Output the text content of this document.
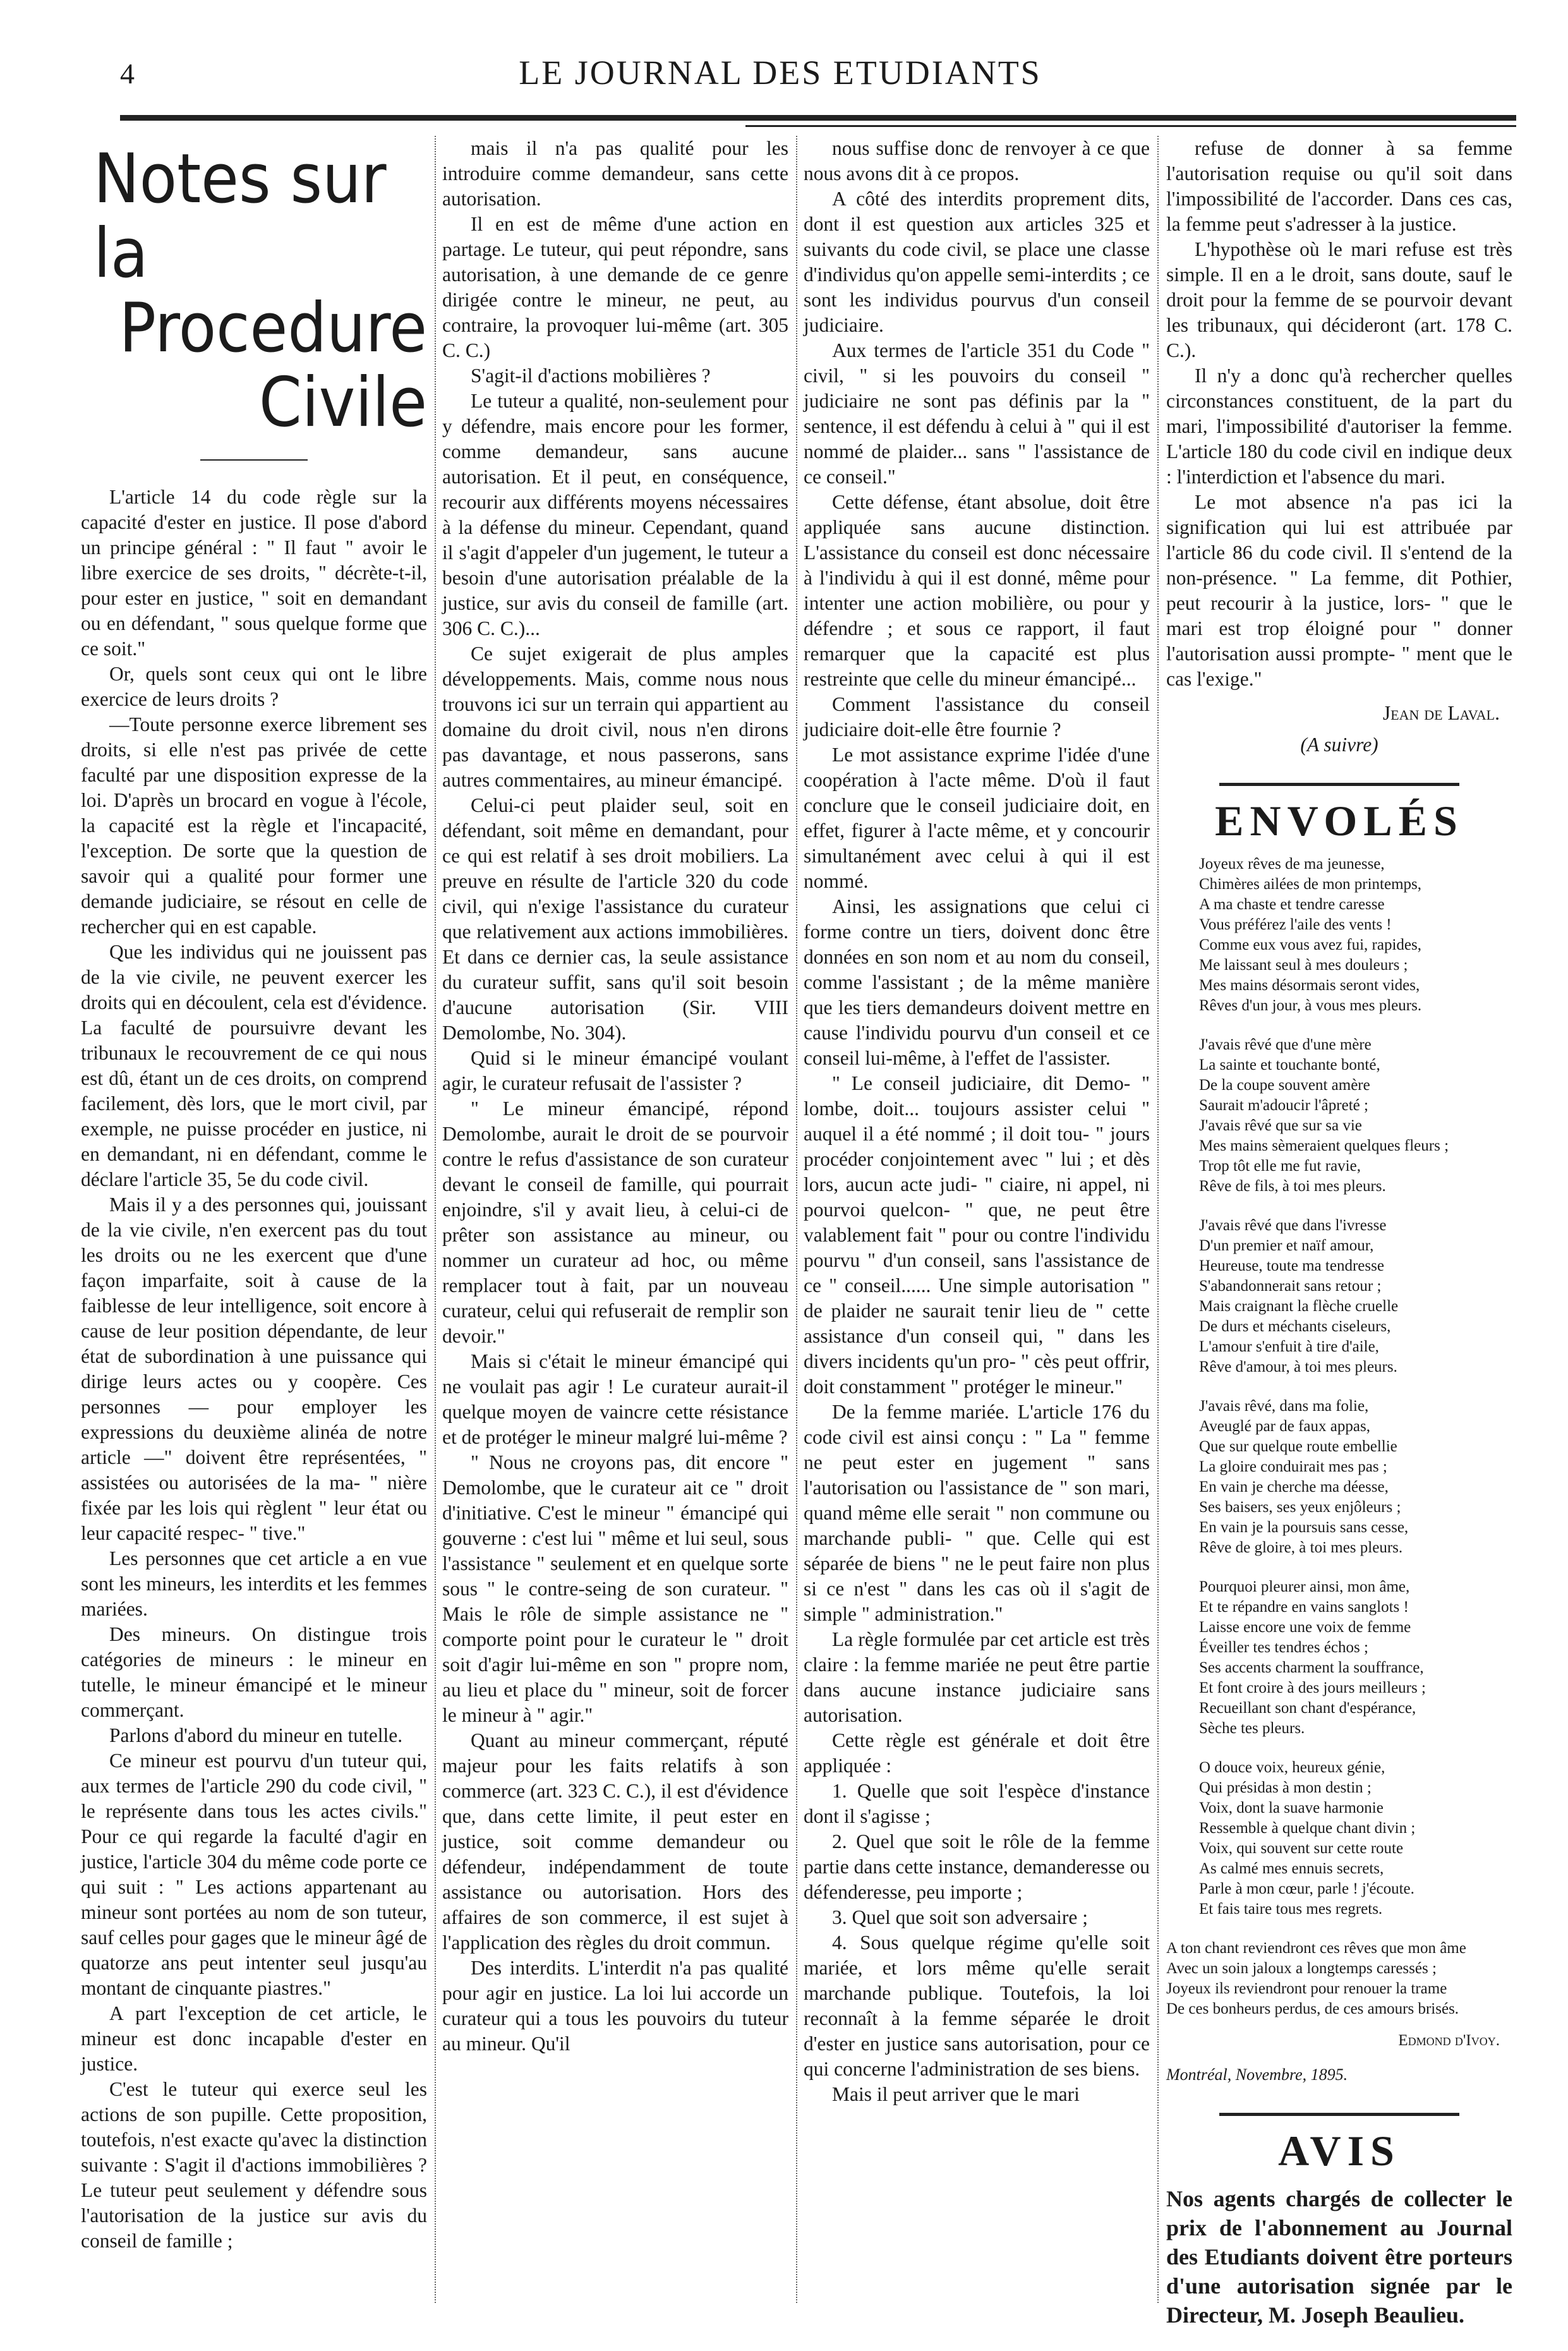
4	LE JOURNAL DES ETUDIANTS
Notes sur la
Procedure Civile

L'article 14 du code règle sur la capacité d'ester en justice. Il pose d'abord un principe général : " Il faut " avoir le libre exercice de ses droits, " décrète-t-il, pour ester en justice, " soit en demandant ou en défendant, " sous quelque forme que ce soit."

Or, quels sont ceux qui ont le libre exercice de leurs droits ?

—Toute personne exerce librement ses droits, si elle n'est pas privée de cette faculté par une disposition expresse de la loi. D'après un brocard en vogue à l'école, la capacité est la règle et l'incapacité, l'exception. De sorte que la question de savoir qui a qualité pour former une demande judiciaire, se résout en celle de rechercher qui en est capable.

Que les individus qui ne jouissent pas de la vie civile, ne peuvent exercer les droits qui en découlent, cela est d'évidence. La faculté de poursuivre devant les tribunaux le recouvrement de ce qui nous est dû, étant un de ces droits, on comprend facilement, dès lors, que le mort civil, par exemple, ne puisse procéder en justice, ni en demandant, ni en défendant, comme le déclare l'article 35, 5e du code civil.

Mais il y a des personnes qui, jouissant de la vie civile, n'en exercent pas du tout les droits ou ne les exercent que d'une façon imparfaite, soit à cause de la faiblesse de leur intelligence, soit encore à cause de leur position dépendante, de leur état de subordination à une puissance qui dirige leurs actes ou y coopère. Ces personnes — pour employer les expressions du deuxième alinéa de notre article —" doivent être représentées, " assistées ou autorisées de la ma- " nière fixée par les lois qui règlent " leur état ou leur capacité respec- " tive."

Les personnes que cet article a en vue sont les mineurs, les interdits et les femmes mariées.

Des mineurs. On distingue trois catégories de mineurs : le mineur en tutelle, le mineur émancipé et le mineur commerçant.

Parlons d'abord du mineur en tutelle.

Ce mineur est pourvu d'un tuteur qui, aux termes de l'article 290 du code civil, " le représente dans tous les actes civils." Pour ce qui regarde la faculté d'agir en justice, l'article 304 du même code porte ce qui suit : " Les actions appartenant au mineur sont portées au nom de son tuteur, sauf celles pour gages que le mineur âgé de quatorze ans peut intenter seul jusqu'au montant de cinquante piastres."

A part l'exception de cet article, le mineur est donc incapable d'ester en justice.

C'est le tuteur qui exerce seul les actions de son pupille. Cette proposition, toutefois, n'est exacte qu'avec la distinction suivante : S'agit il d'actions immobilières ? Le tuteur peut seulement y défendre sous l'autorisation de la justice sur avis du conseil de famille ;

mais il n'a pas qualité pour les introduire comme demandeur, sans cette autorisation.

Il en est de même d'une action en partage. Le tuteur, qui peut répondre, sans autorisation, à une demande de ce genre dirigée contre le mineur, ne peut, au contraire, la provoquer lui-même (art. 305 C. C.)

S'agit-il d'actions mobilières ?

Le tuteur a qualité, non-seulement pour y défendre, mais encore pour les former, comme demandeur, sans aucune autorisation. Et il peut, en conséquence, recourir aux différents moyens nécessaires à la défense du mineur. Cependant, quand il s'agit d'appeler d'un jugement, le tuteur a besoin d'une autorisation préalable de la justice, sur avis du conseil de famille (art. 306 C. C.)...

Ce sujet exigerait de plus amples développements. Mais, comme nous nous trouvons ici sur un terrain qui appartient au domaine du droit civil, nous n'en dirons pas davantage, et nous passerons, sans autres commentaires, au mineur émancipé.

Celui-ci peut plaider seul, soit en défendant, soit même en demandant, pour ce qui est relatif à ses droit mobiliers. La preuve en résulte de l'article 320 du code civil, qui n'exige l'assistance du curateur que relativement aux actions immobilières. Et dans ce dernier cas, la seule assistance du curateur suffit, sans qu'il soit besoin d'aucune autorisation (Sir. VIII Demolombe, No. 304).

Quid si le mineur émancipé voulant agir, le curateur refusait de l'assister ?

" Le mineur émancipé, répond Demolombe, aurait le droit de se pourvoir contre le refus d'assistance de son curateur devant le conseil de famille, qui pourrait enjoindre, s'il y avait lieu, à celui-ci de prêter son assistance au mineur, ou nommer un curateur ad hoc, ou même remplacer tout à fait, par un nouveau curateur, celui qui refuserait de remplir son devoir."

Mais si c'était le mineur émancipé qui ne voulait pas agir ! Le curateur aurait-il quelque moyen de vaincre cette résistance et de protéger le mineur malgré lui-même ?

" Nous ne croyons pas, dit encore " Demolombe, que le curateur ait ce " droit d'initiative. C'est le mineur " émancipé qui gouverne : c'est lui " même et lui seul, sous l'assistance " seulement et en quelque sorte sous " le contre-seing de son curateur. " Mais le rôle de simple assistance ne " comporte point pour le curateur le " droit soit d'agir lui-même en son " propre nom, au lieu et place du " mineur, soit de forcer le mineur à " agir."

Quant au mineur commerçant, réputé majeur pour les faits relatifs à son commerce (art. 323 C. C.), il est d'évidence que, dans cette limite, il peut ester en justice, soit comme demandeur ou défendeur, indépendamment de toute assistance ou autorisation. Hors des affaires de son commerce, il est sujet à l'application des règles du droit commun.

Des interdits. L'interdit n'a pas qualité pour agir en justice. La loi lui accorde un curateur qui a tous les pouvoirs du tuteur au mineur. Qu'il

nous suffise donc de renvoyer à ce que nous avons dit à ce propos.

A côté des interdits proprement dits, dont il est question aux articles 325 et suivants du code civil, se place une classe d'individus qu'on appelle semi-interdits ; ce sont les individus pourvus d'un conseil judiciaire.

Aux termes de l'article 351 du Code " civil, " si les pouvoirs du conseil " judiciaire ne sont pas définis par la " sentence, il est défendu à celui à " qui il est nommé de plaider... sans " l'assistance de ce conseil."

Cette défense, étant absolue, doit être appliquée sans aucune distinction. L'assistance du conseil est donc nécessaire à l'individu à qui il est donné, même pour intenter une action mobilière, ou pour y défendre ; et sous ce rapport, il faut remarquer que la capacité est plus restreinte que celle du mineur émancipé...

Comment l'assistance du conseil judiciaire doit-elle être fournie ?

Le mot assistance exprime l'idée d'une coopération à l'acte même. D'où il faut conclure que le conseil judiciaire doit, en effet, figurer à l'acte même, et y concourir simultanément avec celui à qui il est nommé.

Ainsi, les assignations que celui ci forme contre un tiers, doivent donc être données en son nom et au nom du conseil, comme l'assistant ; de la même manière que les tiers demandeurs doivent mettre en cause l'individu pourvu d'un conseil et ce conseil lui-même, à l'effet de l'assister.

" Le conseil judiciaire, dit Demo- " lombe, doit... toujours assister celui " auquel il a été nommé ; il doit tou- " jours procéder conjointement avec " lui ; et dès lors, aucun acte judi- " ciaire, ni appel, ni pourvoi quelcon- " que, ne peut être valablement fait " pour ou contre l'individu pourvu " d'un conseil, sans l'assistance de ce " conseil...... Une simple autorisation " de plaider ne saurait tenir lieu de " cette assistance d'un conseil qui, " dans les divers incidents qu'un pro- " cès peut offrir, doit constamment " protéger le mineur."

De la femme mariée. L'article 176 du code civil est ainsi conçu : " La " femme ne peut ester en jugement " sans l'autorisation ou l'assistance de " son mari, quand même elle serait " non commune ou marchande publi- " que. Celle qui est séparée de biens " ne le peut faire non plus si ce n'est " dans les cas où il s'agit de simple " administration."

La règle formulée par cet article est très claire : la femme mariée ne peut être partie dans aucune instance judiciaire sans autorisation.

Cette règle est générale et doit être appliquée :

1. Quelle que soit l'espèce d'instance dont il s'agisse ;

2. Quel que soit le rôle de la femme partie dans cette instance, demanderesse ou défenderesse, peu importe ;

3. Quel que soit son adversaire ;

4. Sous quelque régime qu'elle soit mariée, et lors même qu'elle serait marchande publique. Toutefois, la loi reconnaît à la femme séparée le droit d'ester en justice sans autorisation, pour ce qui concerne l'administration de ses biens.

Mais il peut arriver que le mari

refuse de donner à sa femme l'autorisation requise ou qu'il soit dans l'impossibilité de l'accorder. Dans ces cas, la femme peut s'adresser à la justice.

L'hypothèse où le mari refuse est très simple. Il en a le droit, sans doute, sauf le droit pour la femme de se pourvoir devant les tribunaux, qui décideront (art. 178 C. C.).

Il n'y a donc qu'à rechercher quelles circonstances constituent, de la part du mari, l'impossibilité d'autoriser la femme. L'article 180 du code civil en indique deux : l'interdiction et l'absence du mari.

Le mot absence n'a pas ici la signification qui lui est attribuée par l'article 86 du code civil. Il s'entend de la non-présence. " La femme, dit Pothier, peut recourir à la justice, lors- " que le mari est trop éloigné pour " donner l'autorisation aussi prompte- " ment que le cas l'exige."

Jean de Laval.
(A suivre)
ENVOLÉS
Joyeux rêves de ma jeunesse,
Chimères ailées de mon printemps,
A ma chaste et tendre caresse
Vous préférez l'aile des vents !
Comme eux vous avez fui, rapides,
Me laissant seul à mes douleurs ;
Mes mains désormais seront vides,
Rêves d'un jour, à vous mes pleurs.
J'avais rêvé que d'une mère
La sainte et touchante bonté,
De la coupe souvent amère
Saurait m'adoucir l'âpreté ;
J'avais rêvé que sur sa vie
Mes mains sèmeraient quelques fleurs ;
Trop tôt elle me fut ravie,
Rêve de fils, à toi mes pleurs.
J'avais rêvé que dans l'ivresse
D'un premier et naïf amour,
Heureuse, toute ma tendresse
S'abandonnerait sans retour ;
Mais craignant la flèche cruelle
De durs et méchants ciseleurs,
L'amour s'enfuit à tire d'aile,
Rêve d'amour, à toi mes pleurs.
J'avais rêvé, dans ma folie,
Aveuglé par de faux appas,
Que sur quelque route embellie
La gloire conduirait mes pas ;
En vain je cherche ma déesse,
Ses baisers, ses yeux enjôleurs ;
En vain je la poursuis sans cesse,
Rêve de gloire, à toi mes pleurs.
Pourquoi pleurer ainsi, mon âme,
Et te répandre en vains sanglots !
Laisse encore une voix de femme
Éveiller tes tendres échos ;
Ses accents charment la souffrance,
Et font croire à des jours meilleurs ;
Recueillant son chant d'espérance,
Sèche tes pleurs.
O douce voix, heureux génie,
Qui présidas à mon destin ;
Voix, dont la suave harmonie
Ressemble à quelque chant divin ;
Voix, qui souvent sur cette route
As calmé mes ennuis secrets,
Parle à mon cœur, parle ! j'écoute.
Et fais taire tous mes regrets.
A ton chant reviendront ces rêves que mon âme
Avec un soin jaloux a longtemps caressés ;
Joyeux ils reviendront pour renouer la trame
De ces bonheurs perdus, de ces amours brisés.
Edmond d'Ivoy.
Montréal, Novembre, 1895.
AVIS
Nos agents chargés de collecter le prix de l'abonnement au Journal des Etudiants doivent être porteurs d'une autorisation signée par le Directeur, M. Joseph Beaulieu.
